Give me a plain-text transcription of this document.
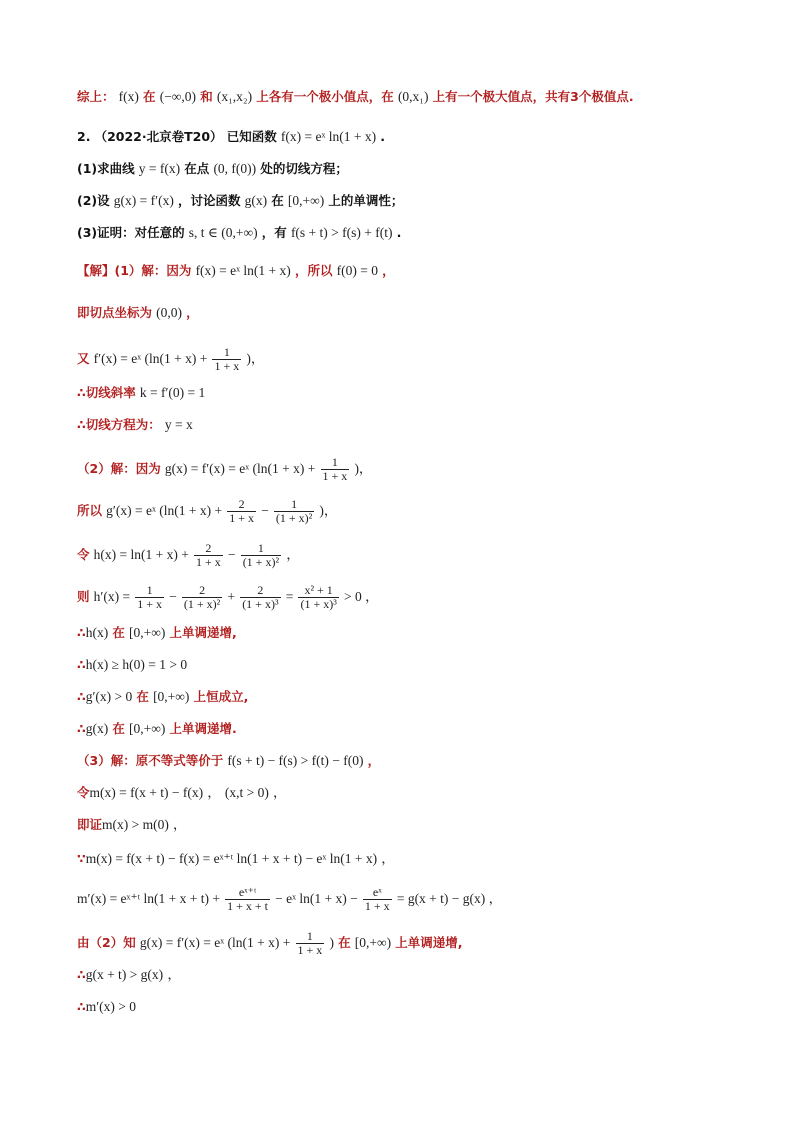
综上： f(x) 在 (−∞,0) 和 (x₁,x₂) 上各有一个极小值点，在 (0,x₁) 上有一个极大值点，共有3个极值点.
2. （2022·北京卷T20） 已知函数 f(x) = eˣ ln(1 + x) .
(1)求曲线 y = f(x) 在点 (0, f(0)) 处的切线方程；
(2)设 g(x) = f′(x) ，讨论函数 g(x) 在 [0,+∞) 上的单调性；
(3)证明：对任意的 s, t ∈ (0,+∞) ，有 f(s + t) > f(s) + f(t) .
【解】(1）解：因为 f(x) = eˣ ln(1 + x) ，所以 f(0) = 0 ，
即切点坐标为 (0,0) ，
又 f′(x) = eˣ ($\ln(1 + x) + \frac{1}{1 + x}$ )，
∴切线斜率 k = f′(0) = 1
∴切线方程为： y = x
（2）解：因为 g(x) = f′(x) = eˣ ($\ln(1 + x) + \frac{1}{1 + x}$ )，
所以 g′(x) = eˣ ($\ln(1 + x) + \frac{2}{1 + x} - \frac{1}{\text{(1 + x)²}}$ )，
令 $h(x) = \ln(1 + x) + \frac{2}{1 + x} - \frac{1}{\text{(1 + x)²}}$ ，
则 $h'(x) = \frac{1}{1 + x} - \frac{2}{\text{(1 + x)²}} + \frac{2}{\text{(1 + x)³}} = \frac{\text{x² + 1}}{\text{(1 + x)³}} > 0$ ，
∴h(x) 在 [0,+∞) 上单调递增,
∴h(x) ≥ h(0) = 1 > 0
∴g′(x) > 0 在 [0,+∞) 上恒成立,
∴g(x) 在 [0,+∞) 上单调递增.
（3）解：原不等式等价于 f(s + t) − f(s) > f(t) − f(0) ，
令m(x) = f(x + t) − f(x) ， (x,t > 0) ，
即证m(x) > m(0) ，
∵m(x) = f(x + t) − f(x) = eˣ⁺ᵗ ln(1 + x + t) − eˣ ln(1 + x) ，
m′(x) = eˣ⁺ᵗ $\ln(1 + x + t) + \frac{\text{eˣ⁺ᵗ}}{1 + x + t}$ − eˣ $\ln(1 + x) - \frac{\text{eˣ}}{1 + x} = g(x + t) - g(x)$ ，
由（2）知 g(x) = f′(x) = eˣ ($\ln(1 + x) + \frac{1}{1 + x}$ ) 在 [0,+∞) 上单调递增,
∴g(x + t) > g(x) ，
∴m′(x) > 0
